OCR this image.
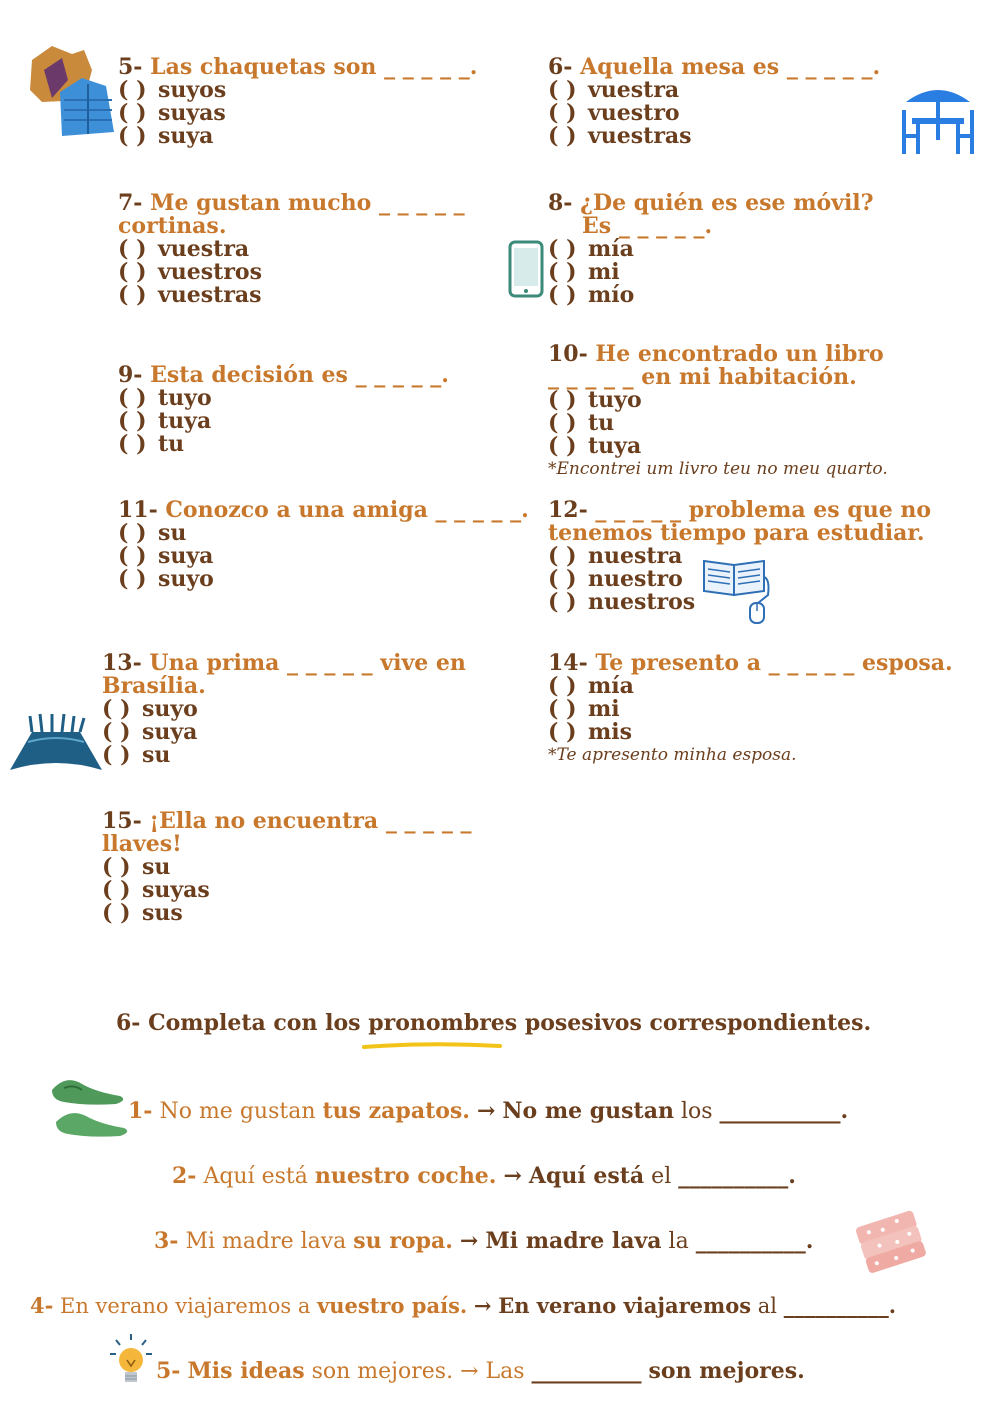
5- Las chaquetas son _ _ _ _ _.
( ) suyos
( ) suyas
( ) suya
6- Aquella mesa es _ _ _ _ _.
( ) vuestra
( ) vuestro
( ) vuestras
7- Me gustan mucho _ _ _ _ _
cortinas.
( ) vuestra
( ) vuestros
( ) vuestras
8- ¿De quién es ese móvil?
Es _ _ _ _ _.
( ) mía
( ) mi
( ) mío
9- Esta decisión es _ _ _ _ _.
( ) tuyo
( ) tuya
( ) tu
10- He encontrado un libro
_ _ _ _ _ en mi habitación.
( ) tuyo
( ) tu
( ) tuya
*Encontrei um livro teu no meu quarto.
11- Conozco a una amiga _ _ _ _ _.
( ) su
( ) suya
( ) suyo
12- _ _ _ _ _ problema es que no
tenemos tiempo para estudiar.
( ) nuestra
( ) nuestro
( ) nuestros
13- Una prima _ _ _ _ _ vive en
Brasília.
( ) suyo
( ) suya
( ) su
14- Te presento a _ _ _ _ _ esposa.
( ) mía
( ) mi
( ) mis
*Te apresento minha esposa.
15- ¡Ella no encuentra _ _ _ _ _
llaves!
( ) su
( ) suyas
( ) sus
6- Completa con los pronombres posesivos correspondientes.
1- No me gustan tus zapatos. → No me gustan los ___________.
2- Aquí está nuestro coche. → Aquí está el __________.
3- Mi madre lava su ropa. → Mi madre lava la __________.
4- En verano viajaremos a vuestro país. → En verano viajaremos al __________.
5- Mis ideas son mejores. → Las __________ son mejores.
